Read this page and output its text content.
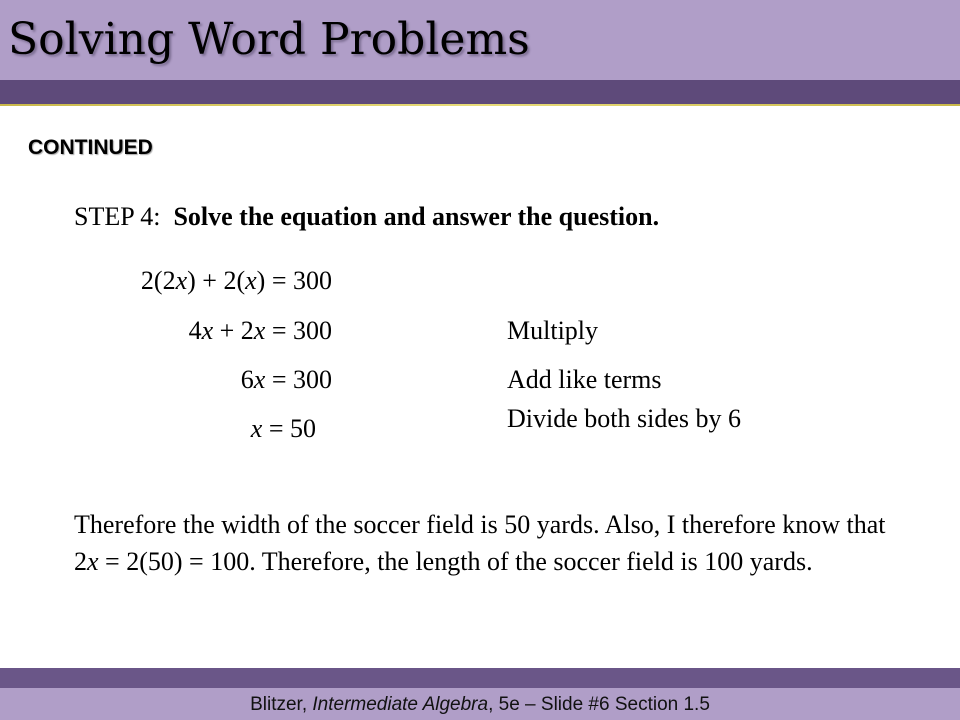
Solving Word Problems
CONTINUED
STEP 4:  Solve the equation and answer the question.
2(2x) + 2(x) = 300
4x + 2x = 300
6x = 300
x = 50
Multiply
Add like terms
Divide both sides by 6
Therefore the width of the soccer field is 50 yards. Also, I therefore know that 2x = 2(50) = 100. Therefore, the length of the soccer field is 100 yards.
Blitzer, Intermediate Algebra, 5e – Slide #6 Section 1.5
